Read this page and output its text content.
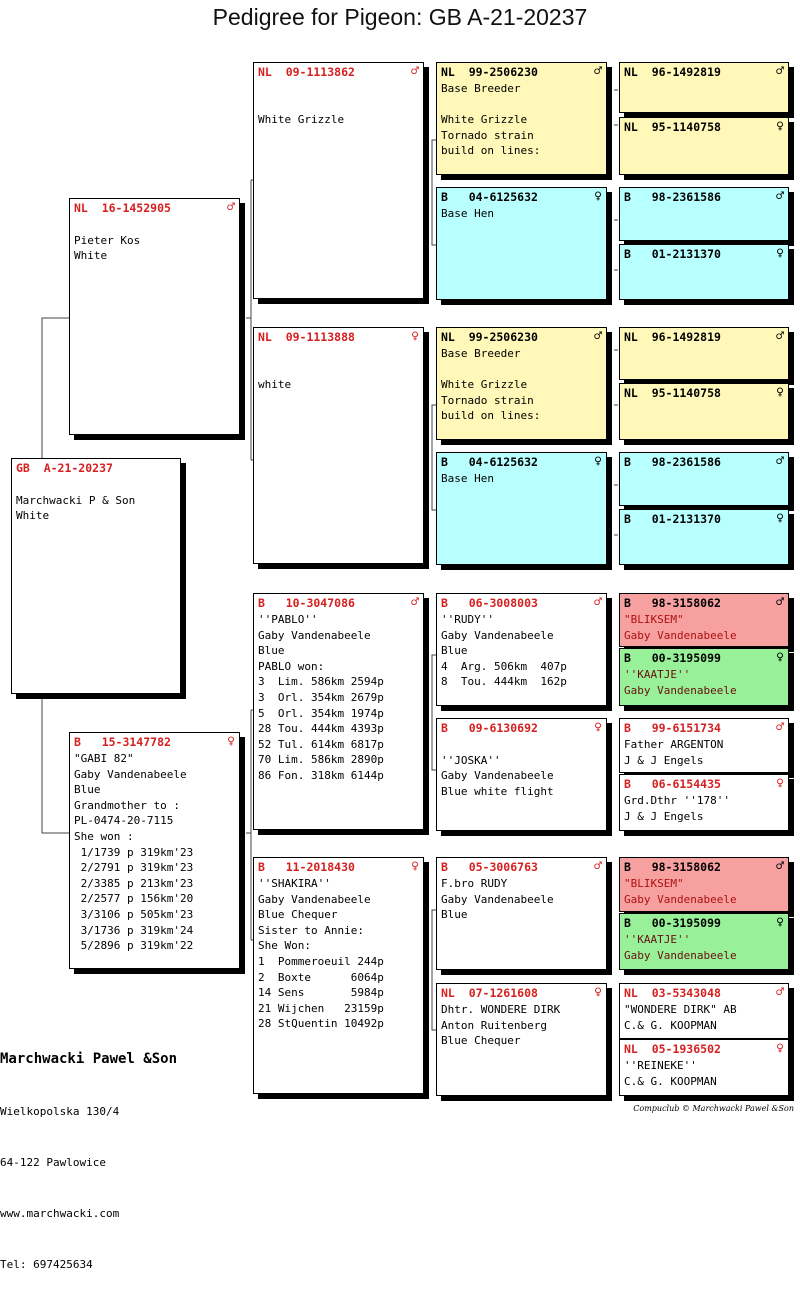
Pedigree for Pigeon: GB A-21-20237
GB  A-21-20237

Marchwacki P & Son
White
NL  16-1452905	♂

Pieter Kos
White
B   15-3147782	♀
"GABI 82"
Gaby Vandenabeele
Blue
Grandmother to :
PL-0474-20-7115
She won :
1/1739 p 319km'23
2/2791 p 319km'23
2/3385 p 213km'23
2/2577 p 156km'20
3/3106 p 505km'23
3/1736 p 319km'24
5/2896 p 319km'22
NL  09-1113862	♂

White Grizzle
NL  09-1113888	♀

white
B   10-3047086	♂
''PABLO''
Gaby Vandenabeele
Blue
PABLO won:
3  Lim. 586km 2594p
3  Orl. 354km 2679p
5  Orl. 354km 1974p
28 Tou. 444km 4393p
52 Tul. 614km 6817p
70 Lim. 586km 2890p
86 Fon. 318km 6144p
B   11-2018430	♀
''SHAKIRA''
Gaby Vandenabeele
Blue Chequer
Sister to Annie:
She Won:
1  Pommeroeuil 244p
2  Boxte      6064p
14 Sens       5984p
21 Wijchen   23159p
28 StQuentin 10492p
NL  99-2506230	♂
Base Breeder

White Grizzle
Tornado strain
build on lines:
B   04-6125632	♀
Base Hen
NL  99-2506230	♂
Base Breeder

White Grizzle
Tornado strain
build on lines:
B   04-6125632	♀
Base Hen
B   06-3008003	♂
''RUDY''
Gaby Vandenabeele
Blue
4  Arg. 506km  407p
8  Tou. 444km  162p
B   09-6130692	♀

''JOSKA''
Gaby Vandenabeele
Blue white flight
B   05-3006763	♂
F.bro RUDY
Gaby Vandenabeele
Blue
NL  07-1261608	♀
Dhtr. WONDERE DIRK
Anton Ruitenberg
Blue Chequer
NL  96-1492819	♂
NL  95-1140758	♀
B   98-2361586	♂
B   01-2131370	♀
NL  96-1492819	♂
NL  95-1140758	♀
B   98-2361586	♂
B   01-2131370	♀
B   98-3158062	♂
"BLIKSEM"
Gaby Vandenabeele
B   00-3195099	♀
''KAATJE''
Gaby Vandenabeele
B   99-6151734	♂
Father ARGENTON
J & J Engels
B   06-6154435	♀
Grd.Dthr ''178''
J & J Engels
B   98-3158062	♂
"BLIKSEM"
Gaby Vandenabeele
B   00-3195099	♀
''KAATJE''
Gaby Vandenabeele
NL  03-5343048	♂
"WONDERE DIRK" AB
C.& G. KOOPMAN
NL  05-1936502	♀
''REINEKE''
C.& G. KOOPMAN

Marchwacki Pawel &Son

Wielkopolska 130/4

64-122 Pawlowice

www.marchwacki.com

Tel: 697425634

Compuclub © Marchwacki Pawel &Son
